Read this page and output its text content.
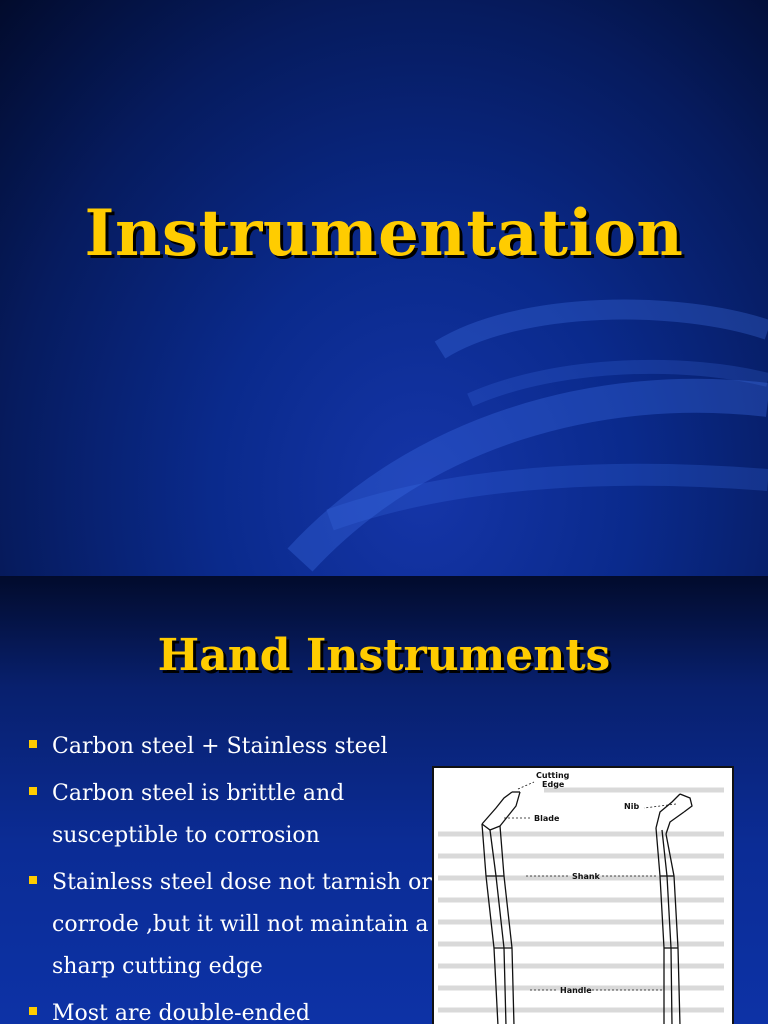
Instrumentation
Hand Instruments
Carbon steel + Stainless steel
Carbon steel is brittle and susceptible to corrosion
Stainless steel dose not tarnish or corrode ,but it will not maintain a sharp cutting edge
Most are double-ended
Cutting
Edge
Blade
Nib
Shank
Handle
